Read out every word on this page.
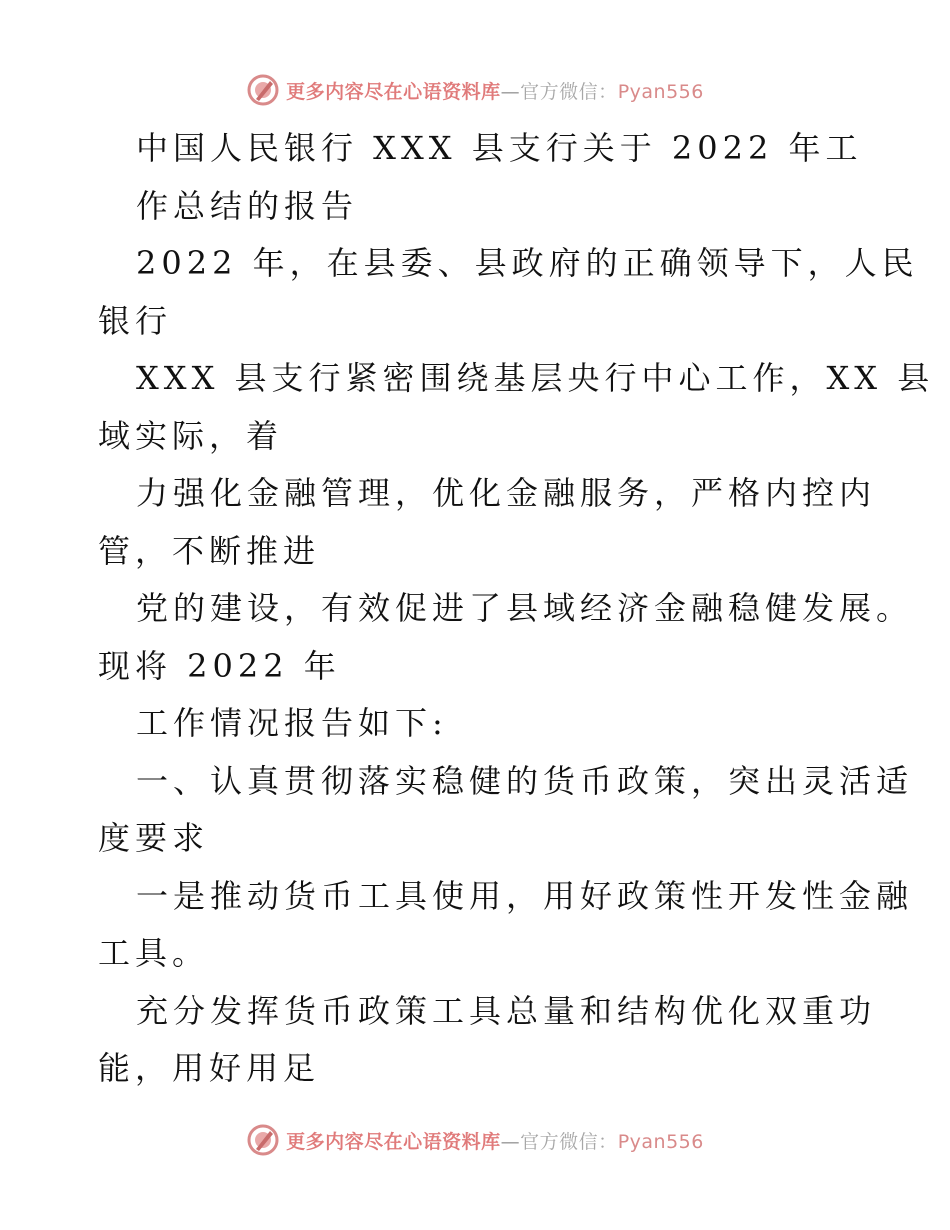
更多内容尽在心语资料库—官方微信：Pyan556
中国人民银行 XXX 县支行关于 2022 年工
作总结的报告
2022 年，在县委、县政府的正确领导下，人民
银行
XXX 县支行紧密围绕基层央行中心工作，XX 县
域实际，着
力强化金融管理，优化金融服务，严格内控内
管，不断推进
党的建设，有效促进了县域经济金融稳健发展。
现将 2022 年
工作情况报告如下:
一、认真贯彻落实稳健的货币政策，突出灵活适
度要求
一是推动货币工具使用，用好政策性开发性金融
工具。
充分发挥货币政策工具总量和结构优化双重功
能，用好用足
更多内容尽在心语资料库—官方微信：Pyan556
